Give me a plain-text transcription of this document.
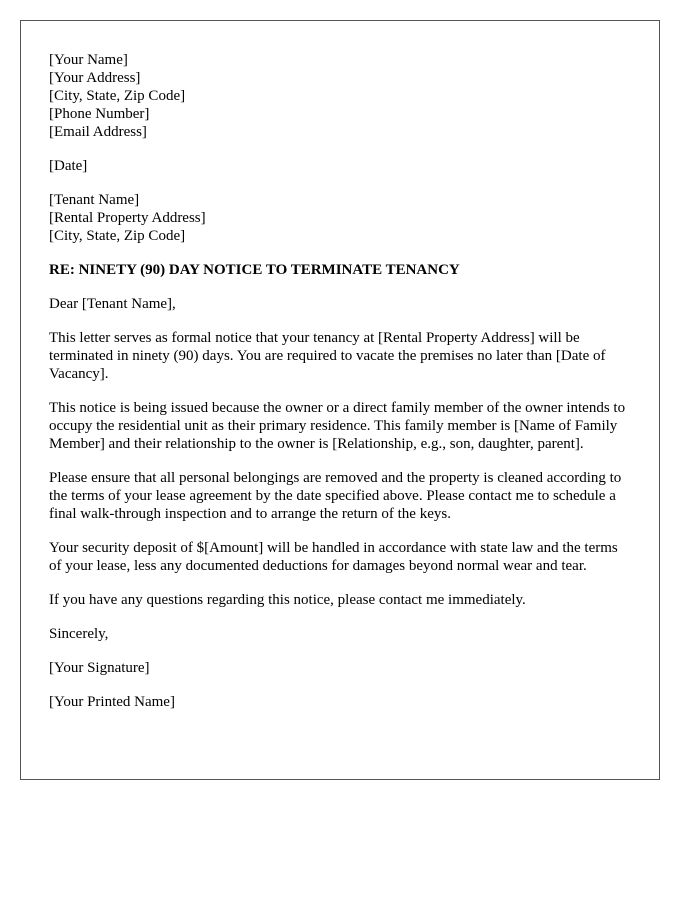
[Your Name]
[Your Address]
[City, State, Zip Code]
[Phone Number]
[Email Address]
[Date]
[Tenant Name]
[Rental Property Address]
[City, State, Zip Code]
RE: NINETY (90) DAY NOTICE TO TERMINATE TENANCY

Dear [Tenant Name],

This letter serves as formal notice that your tenancy at [Rental Property Address] will be terminated in ninety (90) days. You are required to vacate the premises no later than [Date of Vacancy].

This notice is being issued because the owner or a direct family member of the owner intends to occupy the residential unit as their primary residence. This family member is [Name of Family Member] and their relationship to the owner is [Relationship, e.g., son, daughter, parent].

Please ensure that all personal belongings are removed and the property is cleaned according to the terms of your lease agreement by the date specified above. Please contact me to schedule a final walk-through inspection and to arrange the return of the keys.

Your security deposit of $[Amount] will be handled in accordance with state law and the terms of your lease, less any documented deductions for damages beyond normal wear and tear.

If you have any questions regarding this notice, please contact me immediately.

Sincerely,

[Your Signature]

[Your Printed Name]
